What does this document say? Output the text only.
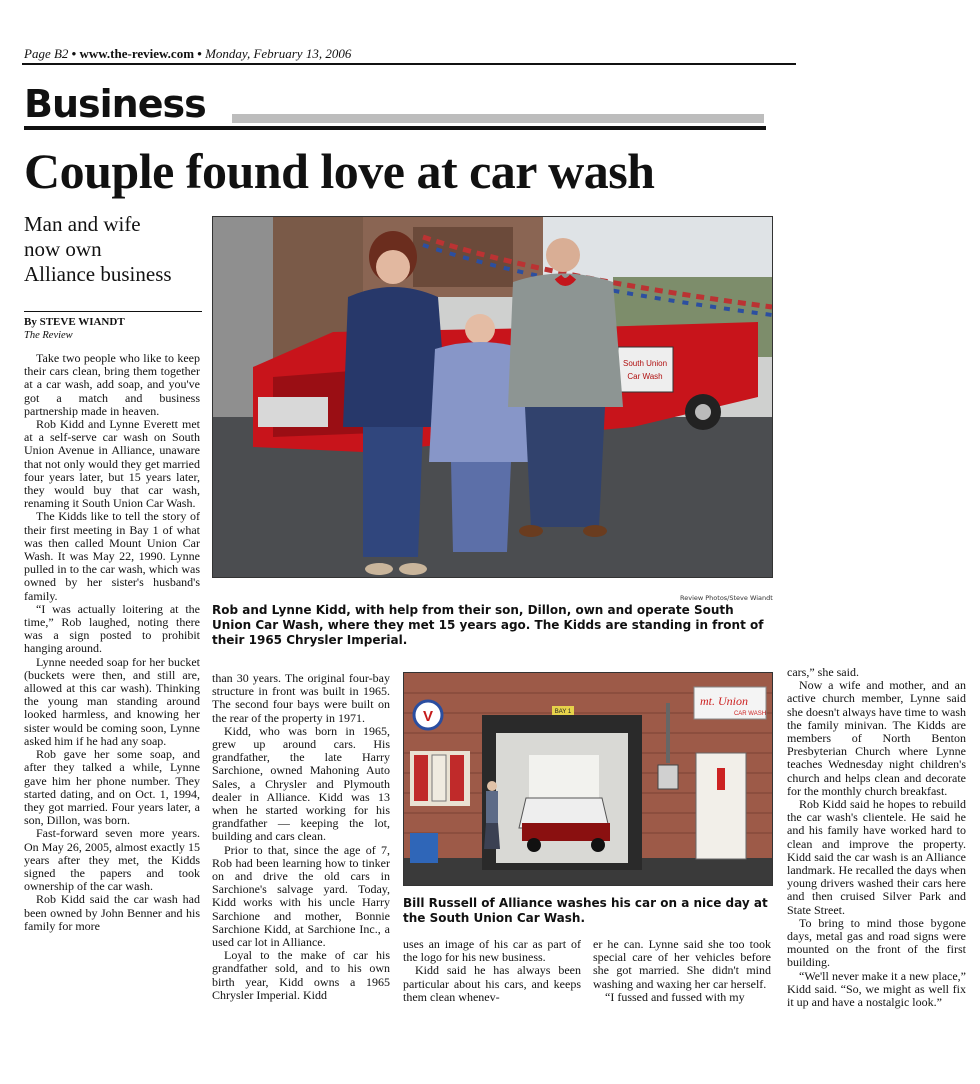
Page B2 • www.the-review.com • Monday, February 13, 2006
Business
Couple found love at car wash
Man and wife
now own
Alliance business
By STEVE WIANDT
The Review
South Union
Car Wash
Review Photos/Steve Wiandt
Rob and Lynne Kidd, with help from their son, Dillon, own and operate South Union Car Wash, where they met 15 years ago. The Kidds are standing in front of their 1965 Chrysler Imperial.
BAY 1
V
mt. Union
CAR WASH
Bill Russell of Alliance washes his car on a nice day at the South Union Car Wash.

Take two people who like to keep their cars clean, bring them together at a car wash, add soap, and you've got a match and business partnership made in heaven.

Rob Kidd and Lynne Everett met at a self-serve car wash on South Union Avenue in Alliance, unaware that not only would they get married four years later, but 15 years later, they would buy that car wash, renaming it South Union Car Wash.

The Kidds like to tell the story of their first meeting in Bay 1 of what was then called Mount Union Car Wash. It was May 22, 1990. Lynne pulled in to the car wash, which was owned by her sister's husband's family.

“I was actually loitering at the time,” Rob laughed, noting there was a sign posted to prohibit hanging around.

Lynne needed soap for her bucket (buckets were then, and still are, allowed at this car wash). Thinking the young man standing around looked harmless, and knowing her sister would be coming soon, Lynne asked him if he had any soap.

Rob gave her some soap, and after they talked a while, Lynne gave him her phone number. They started dating, and on Oct. 1, 1994, they got married. Four years later, a son, Dillon, was born.

Fast-forward seven more years. On May 26, 2005, almost exactly 15 years after they met, the Kidds signed the papers and took ownership of the car wash.

Rob Kidd said the car wash had been owned by John Benner and his family for more

than 30 years. The original four-bay structure in front was built in 1965. The second four bays were built on the rear of the property in 1971.

Kidd, who was born in 1965, grew up around cars. His grandfather, the late Harry Sarchione, owned Mahoning Auto Sales, a Chrysler and Plymouth dealer in Alliance. Kidd was 13 when he started working for his grandfather — keeping the lot, building and cars clean.

Prior to that, since the age of 7, Rob had been learning how to tinker on and drive the old cars in Sarchione's salvage yard. Today, Kidd works with his uncle Harry Sarchione and mother, Bonnie Sarchione Kidd, at Sarchione Inc., a used car lot in Alliance.

Loyal to the make of car his grandfather sold, and to his own birth year, Kidd owns a 1965 Chrysler Imperial. Kidd

uses an image of his car as part of the logo for his new business.

Kidd said he has always been particular about his cars, and keeps them clean whenev-

er he can. Lynne said she too took special care of her vehicles before she got married. She didn't mind washing and waxing her car herself.

“I fussed and fussed with my

cars,” she said.

Now a wife and mother, and an active church member, Lynne said she doesn't always have time to wash the family minivan. The Kidds are members of North Benton Presbyterian Church where Lynne teaches Wednesday night children's church and helps clean and decorate for the monthly church breakfast.

Rob Kidd said he hopes to rebuild the car wash's clientele. He said he and his family have worked hard to clean and improve the property. Kidd said the car wash is an Alliance landmark. He recalled the days when young drivers washed their cars here and then cruised Silver Park and State Street.

To bring to mind those bygone days, metal gas and road signs were mounted on the front of the first building.

“We'll never make it a new place,” Kidd said. “So, we might as well fix it up and have a nostalgic look.”
